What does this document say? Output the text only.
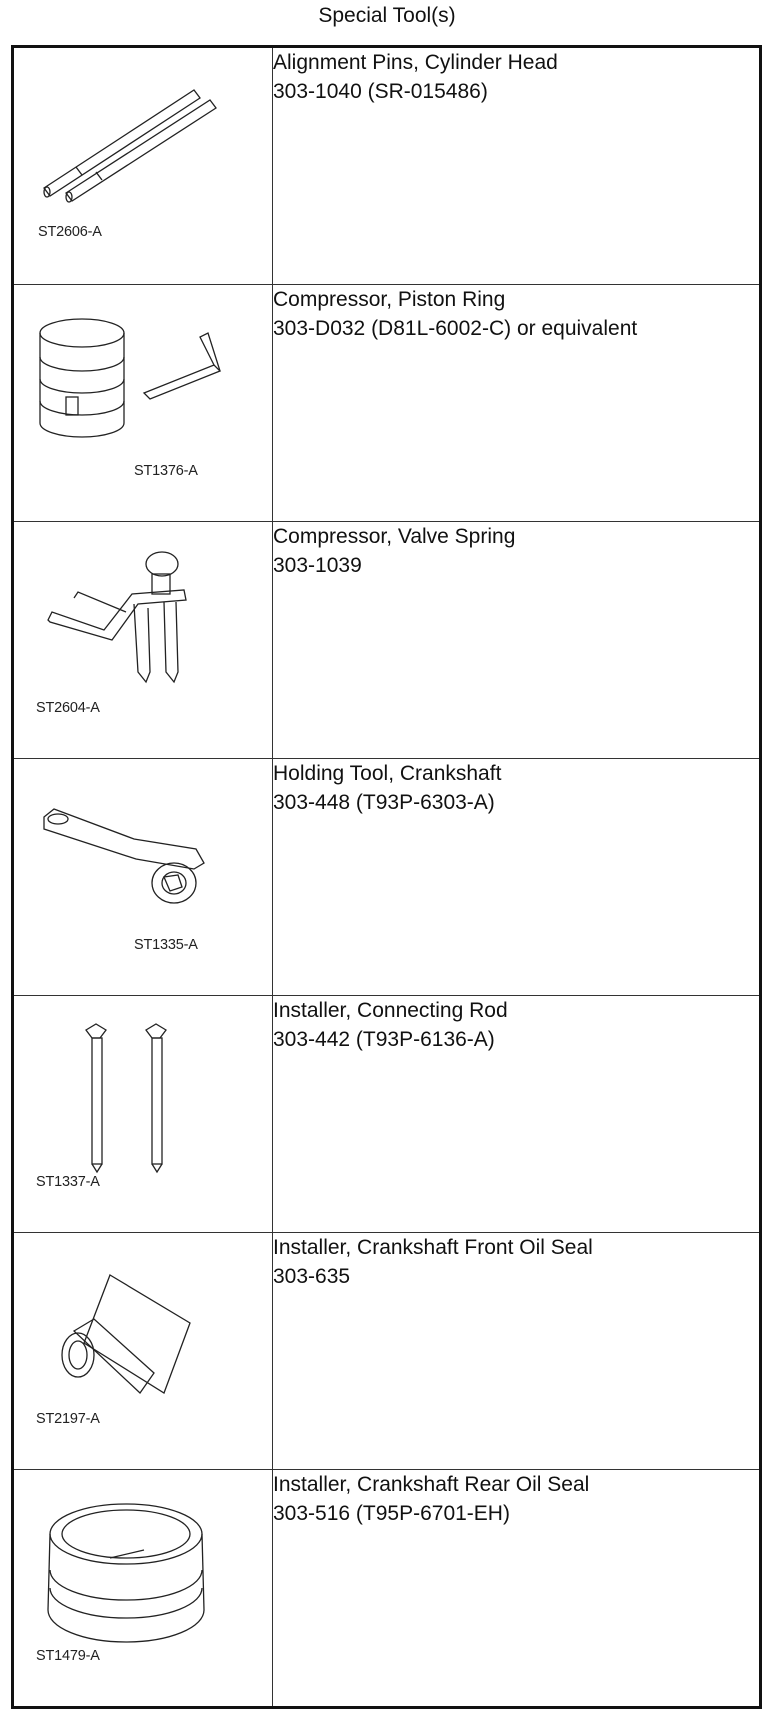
Special Tool(s)
ST2606-A	Alignment Pins, Cylinder Head
303-1040 (SR-015486)

ST1376-A	Compressor, Piston Ring
303-D032 (D81L-6002-C) or equivalent

ST2604-A	Compressor, Valve Spring
303-1039

ST1335-A	Holding Tool, Crankshaft
303-448 (T93P-6303-A)

ST1337-A	Installer, Connecting Rod
303-442 (T93P-6136-A)

ST2197-A	Installer, Crankshaft Front Oil Seal
303-635

ST1479-A	Installer, Crankshaft Rear Oil Seal
303-516 (T95P-6701-EH)
